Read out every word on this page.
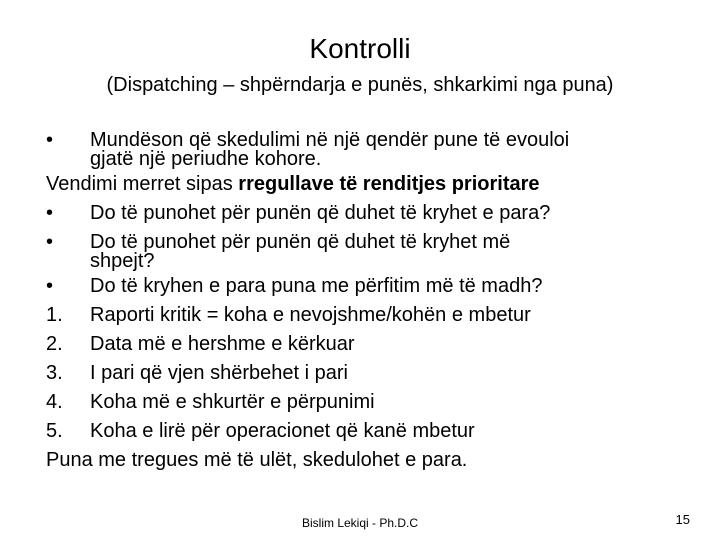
Kontrolli
(Dispatching – shpërndarja e punës, shkarkimi nga puna)
•	Mundëson që skedulimi në një qendër pune të evouloi
gjatë një periudhe kohore.
Vendimi merret sipas rregullave të renditjes prioritare
•	Do të punohet për punën që duhet të kryhet e para?
•	Do të punohet për punën që duhet të kryhet më
shpejt?
•	Do të kryhen e para puna me përfitim më të madh?
1.	Raporti kritik = koha e nevojshme/kohën e mbetur
2.	Data më e hershme e kërkuar
3.	I pari që vjen shërbehet i pari
4.	Koha më e shkurtër e përpunimi
5.	Koha e lirë për operacionet që kanë mbetur
Puna me tregues më të ulët, skedulohet e para.
Bislim Lekiqi - Ph.D.C	15
